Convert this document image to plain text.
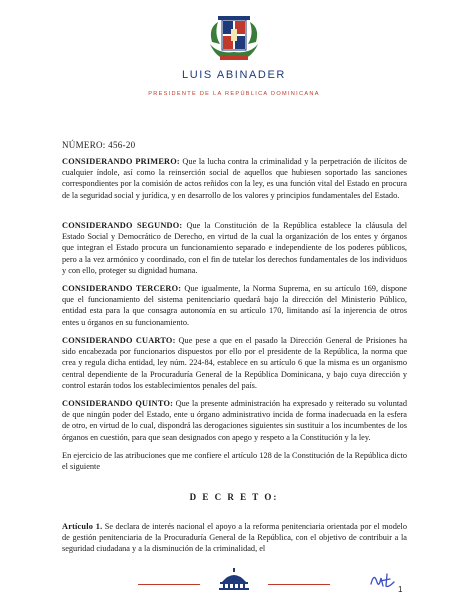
LUIS ABINADER
PRESIDENTE DE LA REPÚBLICA DOMINICANA
NÚMERO: 456-20

CONSIDERANDO PRIMERO: Que la lucha contra la criminalidad y la perpetración de ilícitos de cualquier índole, así como la reinserción social de aquellos que hubiesen soportado las sanciones correspondientes por la comisión de actos reñidos con la ley, es una función vital del Estado en procura de la seguridad social y jurídica, y en desarrollo de los valores y principios fundamentales del Estado.

CONSIDERANDO SEGUNDO: Que la Constitución de la República establece la cláusula del Estado Social y Democrático de Derecho, en virtud de la cual la organización de los entes y órganos que integran el Estado procura un funcionamiento separado e independiente de los poderes públicos, pero a la vez armónico y coordinado, con el fin de tutelar los derechos fundamentales de los individuos y con ello, proteger su dignidad humana.

CONSIDERANDO TERCERO: Que igualmente, la Norma Suprema, en su artículo 169, dispone que el funcionamiento del sistema penitenciario quedará bajo la dirección del Ministerio Público, entidad esta para la que consagra autonomía en su artículo 170, limitando así la injerencia de otros entes u órganos en su funcionamiento.

CONSIDERANDO CUARTO: Que pese a que en el pasado la Dirección General de Prisiones ha sido encabezada por funcionarios dispuestos por ello por el presidente de la República, la norma que crea y regula dicha entidad, ley núm. 224-84, establece en su artículo 6 que la misma es un organismo central dependiente de la Procuraduría General de la República Dominicana, y bajo cuya dirección y control estarán todos los establecimientos penales del país.

CONSIDERANDO QUINTO: Que la presente administración ha expresado y reiterado su voluntad de que ningún poder del Estado, ente u órgano administrativo incida de forma inadecuada en la esfera de otro, en virtud de lo cual, dispondrá las derogaciones siguientes sin sustituir a los incumbentes de los órganos en cuestión, para que sean designados con apego y respeto a la Constitución y la ley.

En ejercicio de las atribuciones que me confiere el artículo 128 de la Constitución de la República dicto el siguiente

D E C R E T O:

Artículo 1. Se declara de interés nacional el apoyo a la reforma penitenciaria orientada por el modelo de gestión penitenciaria de la Procuraduría General de la República, con el objetivo de contribuir a la seguridad ciudadana y a la disminución de la criminalidad, el

1
